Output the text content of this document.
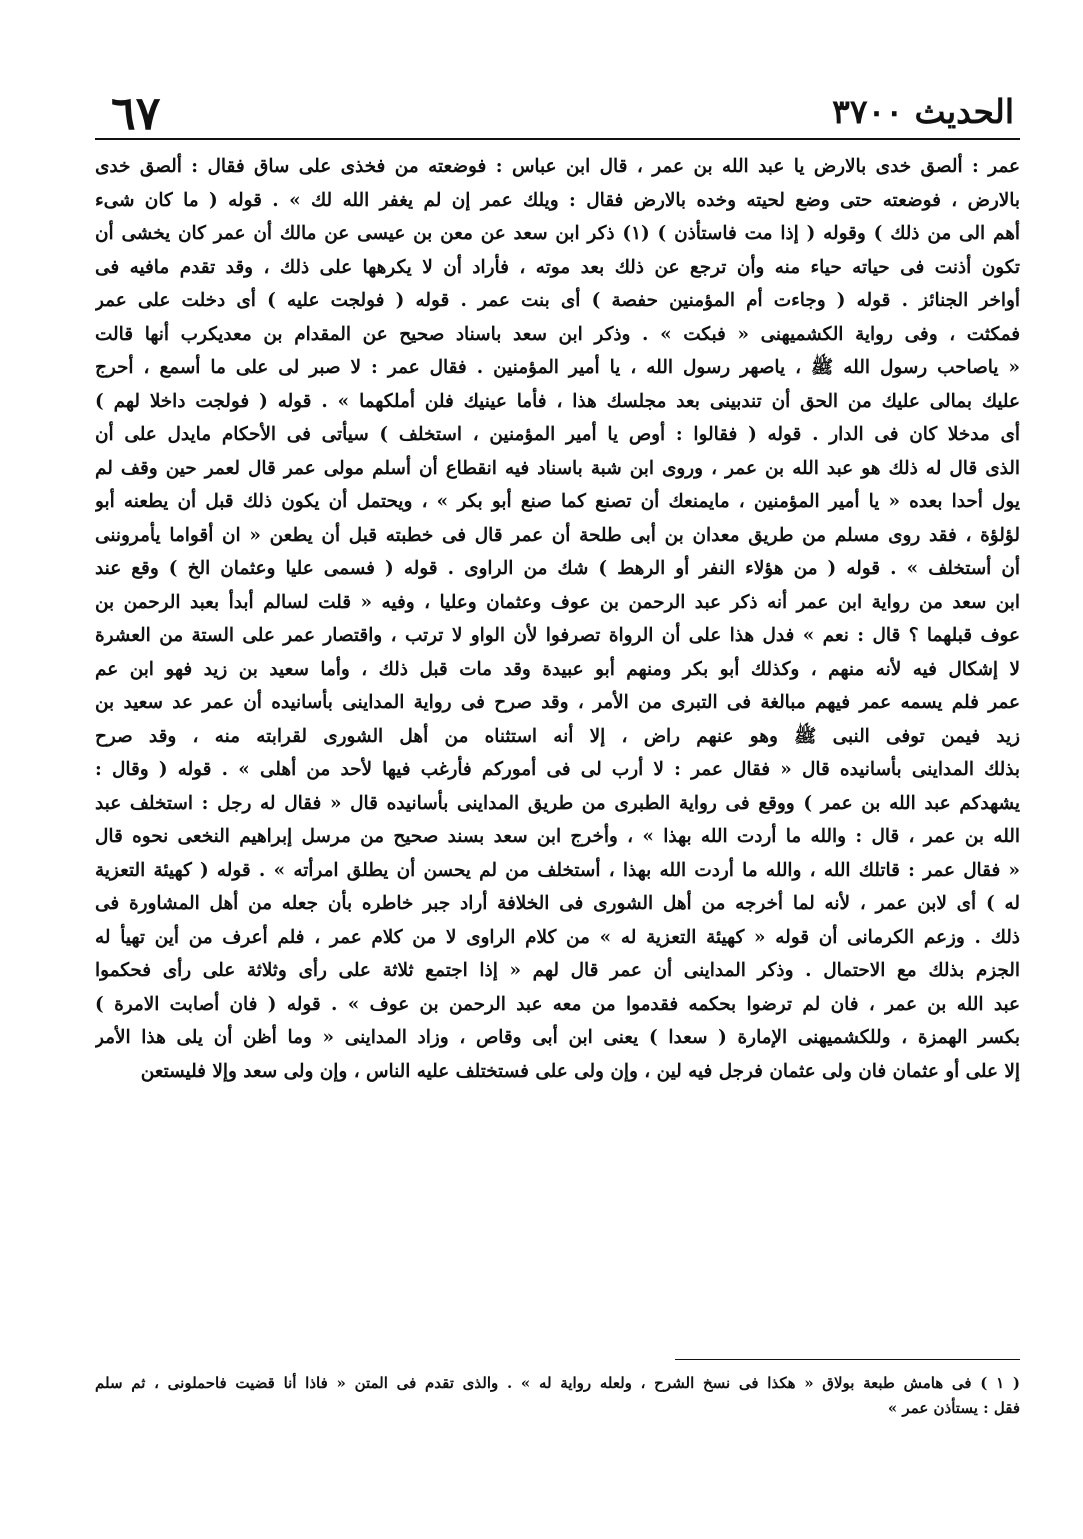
الحديث ٣٧٠٠
٦٧
عمر : ألصق خدى بالارض يا عبد الله بن عمر ، قال ابن عباس : فوضعته من فخذى على ساق فقال : ألصق خدى
بالارض ، فوضعته حتى وضع لحيته وخده بالارض فقال : ويلك عمر إن لم يغفر الله لك » . قوله ( ما كان شىء
أهم الى من ذلك ) وقوله ( إذا مت فاستأذن ) (١) ذكر ابن سعد عن معن بن عيسى عن مالك أن عمر كان يخشى أن
تكون أذنت فى حياته حياء منه وأن ترجع عن ذلك بعد موته ، فأراد أن لا يكرهها على ذلك ، وقد تقدم مافيه فى
أواخر الجنائز . قوله ( وجاءت أم المؤمنين حفصة ) أى بنت عمر . قوله ( فولجت عليه ) أى دخلت على عمر
فمكثت ، وفى رواية الكشميهنى « فبكت » . وذكر ابن سعد باسناد صحيح عن المقدام بن معديكرب أنها قالت
« ياصاحب رسول الله ﷺ ، ياصهر رسول الله ، يا أمير المؤمنين . فقال عمر : لا صبر لى على ما أسمع ، أحرج
عليك بمالى عليك من الحق أن تندبينى بعد مجلسك هذا ، فأما عينيك فلن أملكهما » . قوله ( فولجت داخلا لهم )
أى مدخلا كان فى الدار . قوله ( فقالوا : أوص يا أمير المؤمنين ، استخلف ) سيأتى فى الأحكام مايدل على أن
الذى قال له ذلك هو عبد الله بن عمر ، وروى ابن شبة باسناد فيه انقطاع أن أسلم مولى عمر قال لعمر حين وقف لم
يول أحدا بعده « يا أمير المؤمنين ، مايمنعك أن تصنع كما صنع أبو بكر » ، ويحتمل أن يكون ذلك قبل أن يطعنه أبو
لؤلؤة ، فقد روى مسلم من طريق معدان بن أبى طلحة أن عمر قال فى خطبته قبل أن يطعن « ان أقواما يأمروننى
أن أستخلف » . قوله ( من هؤلاء النفر أو الرهط ) شك من الراوى . قوله ( فسمى عليا وعثمان الخ ) وقع عند
ابن سعد من رواية ابن عمر أنه ذكر عبد الرحمن بن عوف وعثمان وعليا ، وفيه « قلت لسالم أبدأ بعبد الرحمن بن
عوف قبلهما ؟ قال : نعم » فدل هذا على أن الرواة تصرفوا لأن الواو لا ترتب ، واقتصار عمر على الستة من العشرة
لا إشكال فيه لأنه منهم ، وكذلك أبو بكر ومنهم أبو عبيدة وقد مات قبل ذلك ، وأما سعيد بن زيد فهو ابن عم
عمر فلم يسمه عمر فيهم مبالغة فى التبرى من الأمر ، وقد صرح فى رواية المداينى بأسانيده أن عمر عد سعيد بن
زيد فيمن توفى النبى ﷺ وهو عنهم راض ، إلا أنه استثناه من أهل الشورى لقرابته منه ، وقد صرح
بذلك المداينى بأسانيده قال « فقال عمر : لا أرب لى فى أموركم فأرغب فيها لأحد من أهلى » . قوله ( وقال :
يشهدكم عبد الله بن عمر ) ووقع فى رواية الطبرى من طريق المداينى بأسانيده قال « فقال له رجل : استخلف عبد
الله بن عمر ، قال : والله ما أردت الله بهذا » ، وأخرج ابن سعد بسند صحيح من مرسل إبراهيم النخعى نحوه قال
« فقال عمر : قاتلك الله ، والله ما أردت الله بهذا ، أستخلف من لم يحسن أن يطلق امرأته » . قوله ( كهيئة التعزية
له ) أى لابن عمر ، لأنه لما أخرجه من أهل الشورى فى الخلافة أراد جبر خاطره بأن جعله من أهل المشاورة فى
ذلك . وزعم الكرمانى أن قوله « كهيئة التعزية له » من كلام الراوى لا من كلام عمر ، فلم أعرف من أين تهيأ له
الجزم بذلك مع الاحتمال . وذكر المداينى أن عمر قال لهم « إذا اجتمع ثلاثة على رأى وثلاثة على رأى فحكموا
عبد الله بن عمر ، فان لم ترضوا بحكمه فقدموا من معه عبد الرحمن بن عوف » . قوله ( فان أصابت الامرة )
بكسر الهمزة ، وللكشميهنى الإمارة ( سعدا ) يعنى ابن أبى وقاص ، وزاد المداينى « وما أظن أن يلى هذا الأمر
إلا على أو عثمان فان ولى عثمان فرجل فيه لين ، وإن ولى على فستختلف عليه الناس ، وإن ولى سعد وإلا فليستعن
( ١ ) فى هامش طبعة بولاق « هكذا فى نسخ الشرح ، ولعله رواية له » . والذى تقدم فى المتن « فاذا أنا قضيت فاحملونى ، ثم سلم
فقل : يستأذن عمر »
